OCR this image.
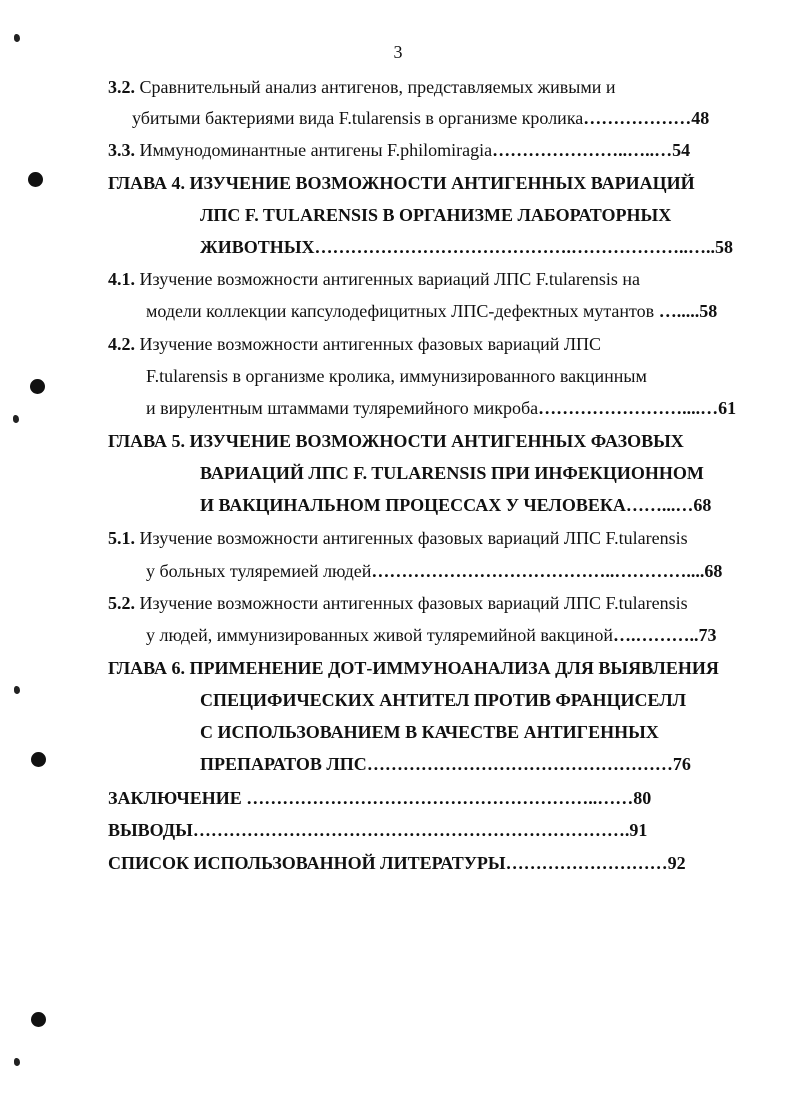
3
3.2. Сравнительный анализ антигенов, представляемых живыми и
убитыми бактериями вида F.tularensis в организме кролика………………48
3.3. Иммунодоминантные антигены F.philomiragia…………………..…..…54
ГЛАВА 4. ИЗУЧЕНИЕ ВОЗМОЖНОСТИ АНТИГЕННЫХ ВАРИАЦИЙ
ЛПС F. TULARENSIS В ОРГАНИЗМЕ ЛАБОРАТОРНЫХ
ЖИВОТНЫХ…………………………………….………………..…..58
4.1. Изучение возможности антигенных вариаций ЛПС F.tularensis на
модели коллекции капсулодефицитных ЛПС-дефектных мутантов ….....58
4.2. Изучение возможности антигенных фазовых вариаций ЛПС
F.tularensis в организме кролика, иммунизированного вакцинным
и вирулентным штаммами туляремийного микроба……………………....…61
ГЛАВА 5. ИЗУЧЕНИЕ ВОЗМОЖНОСТИ АНТИГЕННЫХ ФАЗОВЫХ
ВАРИАЦИЙ ЛПС F. TULARENSIS ПРИ ИНФЕКЦИОННОМ
И ВАКЦИНАЛЬНОМ ПРОЦЕССАХ У ЧЕЛОВЕКА……...…68
5.1. Изучение возможности антигенных фазовых вариаций ЛПС F.tularensis
у больных туляремией людей…………………………………..…………....68
5.2. Изучение возможности антигенных фазовых вариаций ЛПС F.tularensis
у людей, иммунизированных живой туляремийной вакциной….………..73
ГЛАВА 6. ПРИМЕНЕНИЕ ДОТ-ИММУНОАНАЛИЗА ДЛЯ ВЫЯВЛЕНИЯ
СПЕЦИФИЧЕСКИХ АНТИТЕЛ ПРОТИВ ФРАНЦИСЕЛЛ
С ИСПОЛЬЗОВАНИЕМ В КАЧЕСТВЕ АНТИГЕННЫХ
ПРЕПАРАТОВ ЛПС……………………………………………76
ЗАКЛЮЧЕНИЕ …………………………………………………..……80
ВЫВОДЫ……………………………………………………………….91
СПИСОК ИСПОЛЬЗОВАННОЙ ЛИТЕРАТУРЫ………………………92
